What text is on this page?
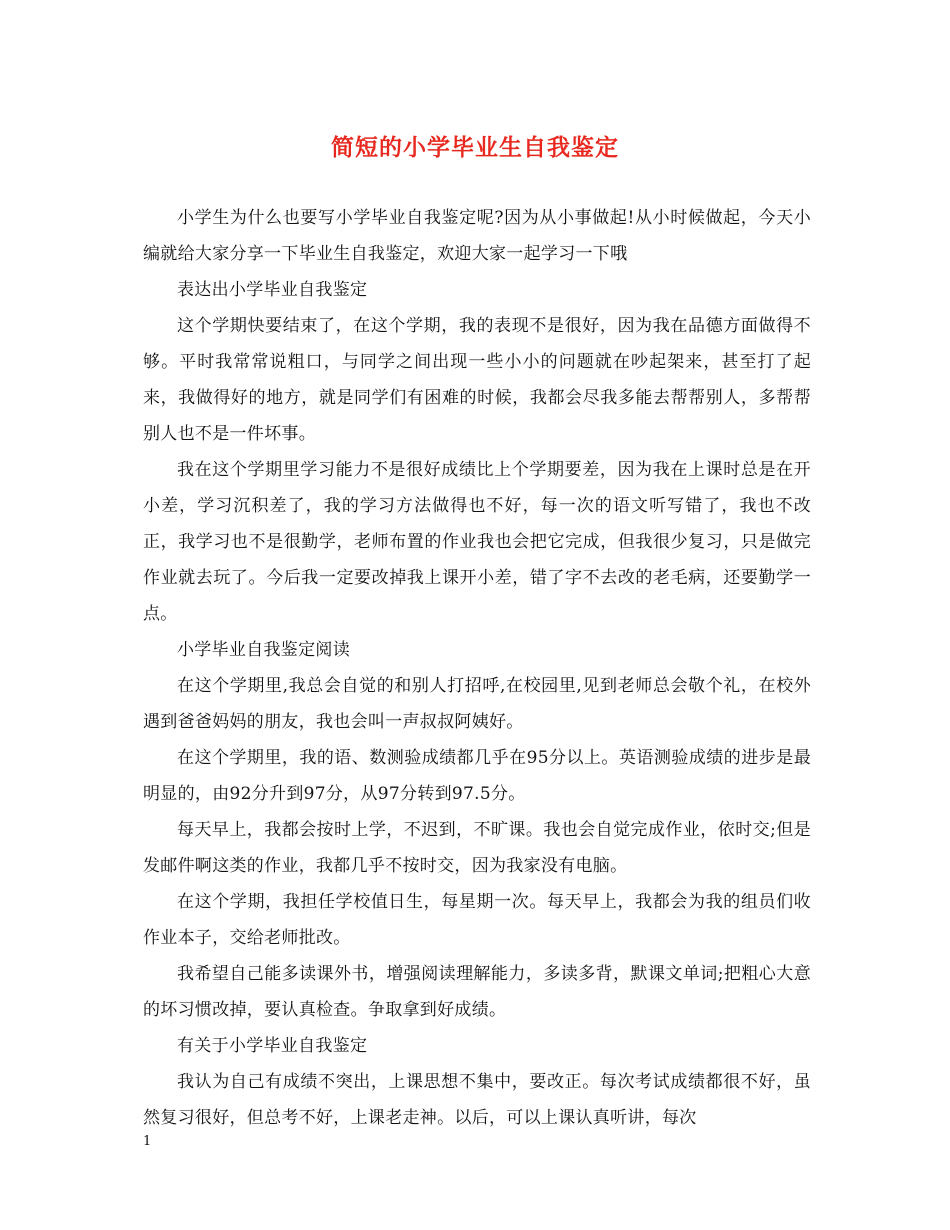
简短的小学毕业生自我鉴定

小学生为什么也要写小学毕业自我鉴定呢?因为从小事做起!从小时候做起，今天小编就给大家分享一下毕业生自我鉴定，欢迎大家一起学习一下哦

表达出小学毕业自我鉴定

这个学期快要结束了，在这个学期，我的表现不是很好，因为我在品德方面做得不够。平时我常常说粗口，与同学之间出现一些小小的问题就在吵起架来，甚至打了起来，我做得好的地方，就是同学们有困难的时候，我都会尽我多能去帮帮别人，多帮帮别人也不是一件坏事。

我在这个学期里学习能力不是很好成绩比上个学期要差，因为我在上课时总是在开小差，学习沉积差了，我的学习方法做得也不好，每一次的语文听写错了，我也不改正，我学习也不是很勤学，老师布置的作业我也会把它完成，但我很少复习，只是做完作业就去玩了。今后我一定要改掉我上课开小差，错了字不去改的老毛病，还要勤学一点。

小学毕业自我鉴定阅读

在这个学期里,我总会自觉的和别人打招呼,在校园里,见到老师总会敬个礼，在校外遇到爸爸妈妈的朋友，我也会叫一声叔叔阿姨好。

在这个学期里，我的语、数测验成绩都几乎在95分以上。英语测验成绩的进步是最明显的，由92分升到97分，从97分转到97.5分。

每天早上，我都会按时上学，不迟到，不旷课。我也会自觉完成作业，依时交;但是发邮件啊这类的作业，我都几乎不按时交，因为我家没有电脑。

在这个学期，我担任学校值日生，每星期一次。每天早上，我都会为我的组员们收作业本子，交给老师批改。

我希望自己能多读课外书，增强阅读理解能力，多读多背，默课文单词;把粗心大意的坏习惯改掉，要认真检查。争取拿到好成绩。

有关于小学毕业自我鉴定

我认为自己有成绩不突出，上课思想不集中，要改正。每次考试成绩都很不好，虽然复习很好，但总考不好，上课老走神。以后，可以上课认真听讲，每次

1
